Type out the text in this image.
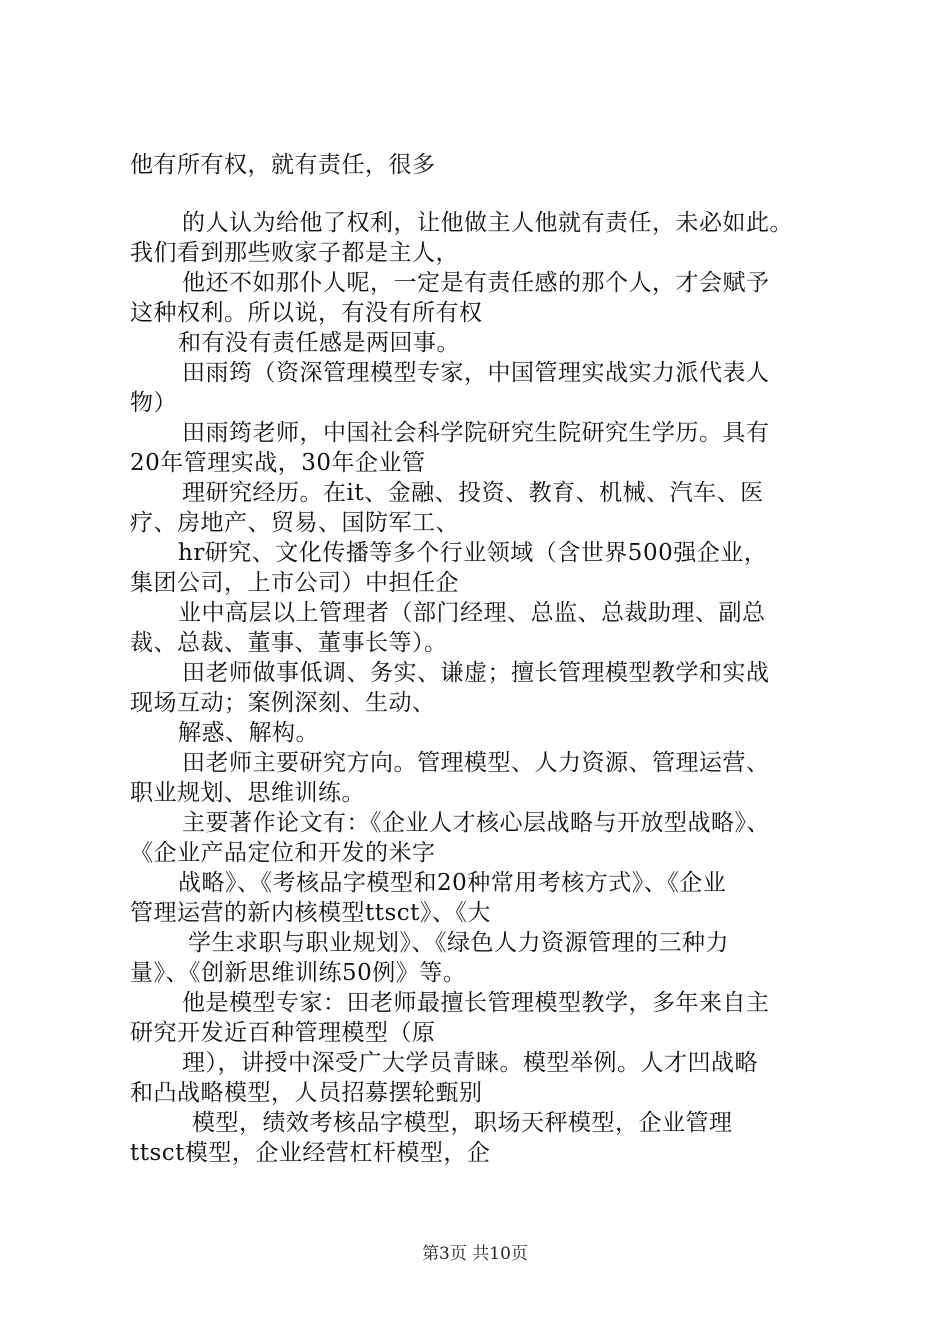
他有所有权，就有责任，很多
的人认为给他了权利，让他做主人他就有责任，未必如此。
我们看到那些败家子都是主人，
他还不如那仆人呢，一定是有责任感的那个人，才会赋予
这种权利。所以说，有没有所有权
和有没有责任感是两回事。
田雨筠（资深管理模型专家，中国管理实战实力派代表人
物）
田雨筠老师，中国社会科学院研究生院研究生学历。具有
20年管理实战，30年企业管
理研究经历。在it、金融、投资、教育、机械、汽车、医
疗、房地产、贸易、国防军工、
hr研究、文化传播等多个行业领域（含世界500强企业，
集团公司，上市公司）中担任企
业中高层以上管理者（部门经理、总监、总裁助理、副总
裁、总裁、董事、董事长等）。
田老师做事低调、务实、谦虚；擅长管理模型教学和实战
现场互动；案例深刻、生动、
解惑、解构。
田老师主要研究方向。管理模型、人力资源、管理运营、
职业规划、思维训练。
主要著作论文有：《企业人才核心层战略与开放型战略》、
《企业产品定位和开发的米字
战略》、《考核品字模型和20种常用考核方式》、《企业
管理运营的新内核模型ttsct》、《大
学生求职与职业规划》、《绿色人力资源管理的三种力
量》、《创新思维训练50例》等。
他是模型专家：田老师最擅长管理模型教学，多年来自主
研究开发近百种管理模型（原
理），讲授中深受广大学员青睐。模型举例。人才凹战略
和凸战略模型，人员招募摆轮甄别
模型，绩效考核品字模型，职场天秤模型，企业管理
ttsct模型，企业经营杠杆模型，企
第3页 共10页
